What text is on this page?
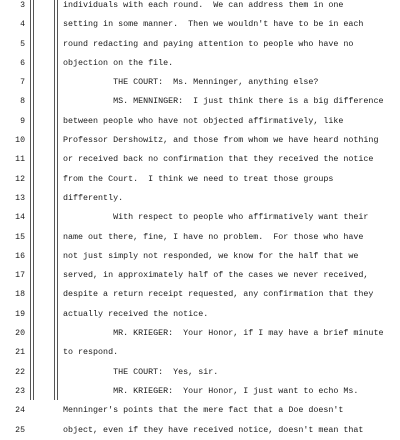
3	individuals with each round.  We can address them in one
4	setting in some manner.  Then we wouldn't have to be in each
5	round redacting and paying attention to people who have no
6	objection on the file.
7	THE COURT:  Ms. Menninger, anything else?
8	MS. MENNINGER:  I just think there is a big difference
9	between people who have not objected affirmatively, like
10	Professor Dershowitz, and those from whom we have heard nothing
11	or received back no confirmation that they received the notice
12	from the Court.  I think we need to treat those groups
13	differently.
14	With respect to people who affirmatively want their
15	name out there, fine, I have no problem.  For those who have
16	not just simply not responded, we know for the half that we
17	served, in approximately half of the cases we never received,
18	despite a return receipt requested, any confirmation that they
19	actually received the notice.
20	MR. KRIEGER:  Your Honor, if I may have a brief minute
21	to respond.
22	THE COURT:  Yes, sir.
23	MR. KRIEGER:  Your Honor, I just want to echo Ms.
24	Menninger's points that the mere fact that a Doe doesn't
25	object, even if they have received notice, doesn't mean that
